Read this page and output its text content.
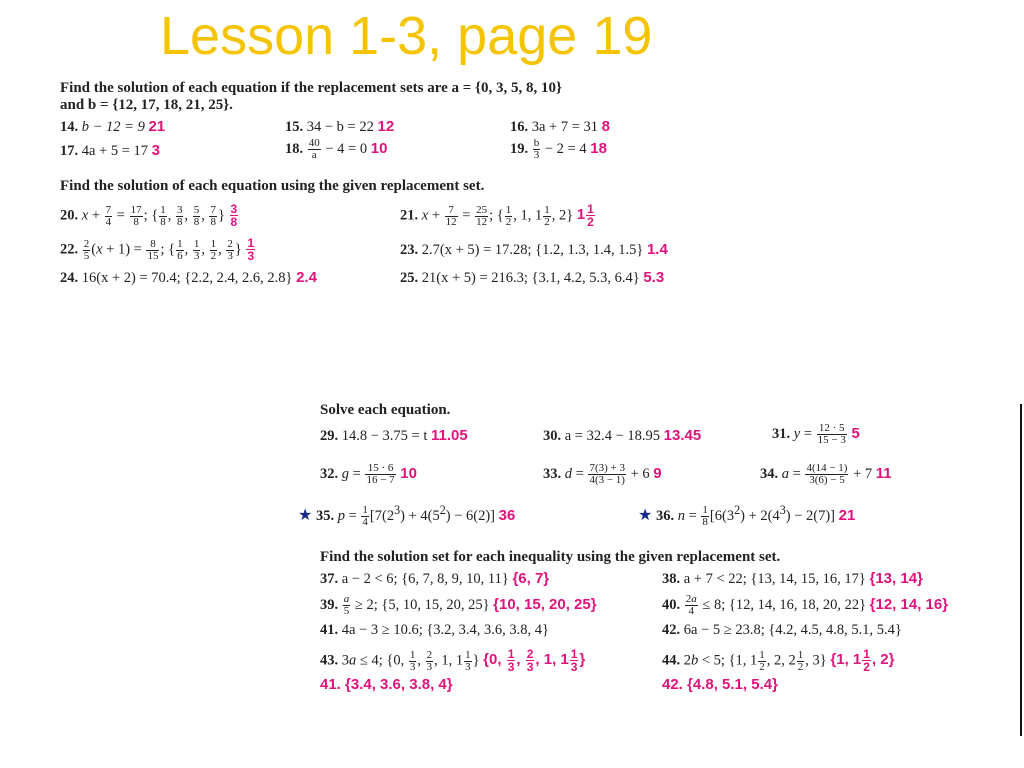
Lesson 1-3, page 19
Find the solution of each equation if the replacement sets are a = {0, 3, 5, 8, 10}
and b = {12, 17, 18, 21, 25}.
14. b − 12 = 9 21	15. 34 − b = 22 12	16. 3a + 7 = 31 8
17. 4a + 5 = 17 3	18. $\frac{40}{a} - 4 = 0$ 10	19. $\frac{b}{3} - 2 = 4$ 18
Find the solution of each equation using the given replacement set.
20. $x + \frac{7}{4} = \frac{17}{8}$ ; { $\frac{1}{8}$ , $\frac{3}{8}$ , $\frac{5}{8}$ , $\frac{7}{8}$ } $\frac{3}{8}$	21. $x + \frac{7}{12} = \frac{25}{12}$ ; { $\frac{1}{2}$ , 1, $1 \frac{1}{2}$ , 2} $1 \frac{1}{2}$
22. $\frac{2}{5} (x + 1) = \frac{8}{15}$ ; { $\frac{1}{6}$ , $\frac{1}{3}$ , $\frac{1}{2}$ , $\frac{2}{3}$ } $\frac{1}{3}$	23. 2.7(x + 5) = 17.28; {1.2, 1.3, 1.4, 1.5} 1.4
24. 16(x + 2) = 70.4; {2.2, 2.4, 2.6, 2.8} 2.4	25. 21(x + 5) = 216.3; {3.1, 4.2, 5.3, 6.4} 5.3
Solve each equation.
29. 14.8 − 3.75 = t 11.05	30. a = 32.4 − 18.95 13.45	31. $y = \frac{12 \cdot 5}{15 - 3} 5$
32. $g = \frac{15 \cdot 6}{16 - 7} 10$	33. $d = \frac{7(3) + 3}{4(3 - 1)} + 6$ 9	34. $a = \frac{4(14 - 1)}{3(6) - 5} + 7$ 11
★ 35. $p = \frac{1}{4} [7(2^3) + 4(5^2) - 6(2)]$ 36	★ 36. $n = \frac{1}{8} [6(3^2) + 2(4^3) - 2(7)]$ 21
Find the solution set for each inequality using the given replacement set.
37. a − 2 < 6; {6, 7, 8, 9, 10, 11} {6, 7}	38. a + 7 < 22; {13, 14, 15, 16, 17} {13, 14}
39. $\frac{a}{5} \ge 2$; {5, 10, 15, 20, 25} {10, 15, 20, 25}	40. $\frac{2a}{4} \le 8$; {12, 14, 16, 18, 20, 22} {12, 14, 16}
41. 4a − 3 ≥ 10.6; {3.2, 3.4, 3.6, 3.8, 4}	42. 6a − 5 ≥ 23.8; {4.2, 4.5, 4.8, 5.1, 5.4}
43. 3a ≤ 4; {0, $\frac{1}{3}$ , $\frac{2}{3}$ , 1, $1 \frac{1}{3}$ } {0, $\frac{1}{3}$ , $\frac{2}{3}$ , 1, $1 \frac{1}{3}$ }	44. 2b < 5; {1, $1 \frac{1}{2}$ , 2, $2 \frac{1}{2}$ , 3} {1, $1 \frac{1}{2}$ , 2}
41. {3.4, 3.6, 3.8, 4}	42. {4.8, 5.1, 5.4}
